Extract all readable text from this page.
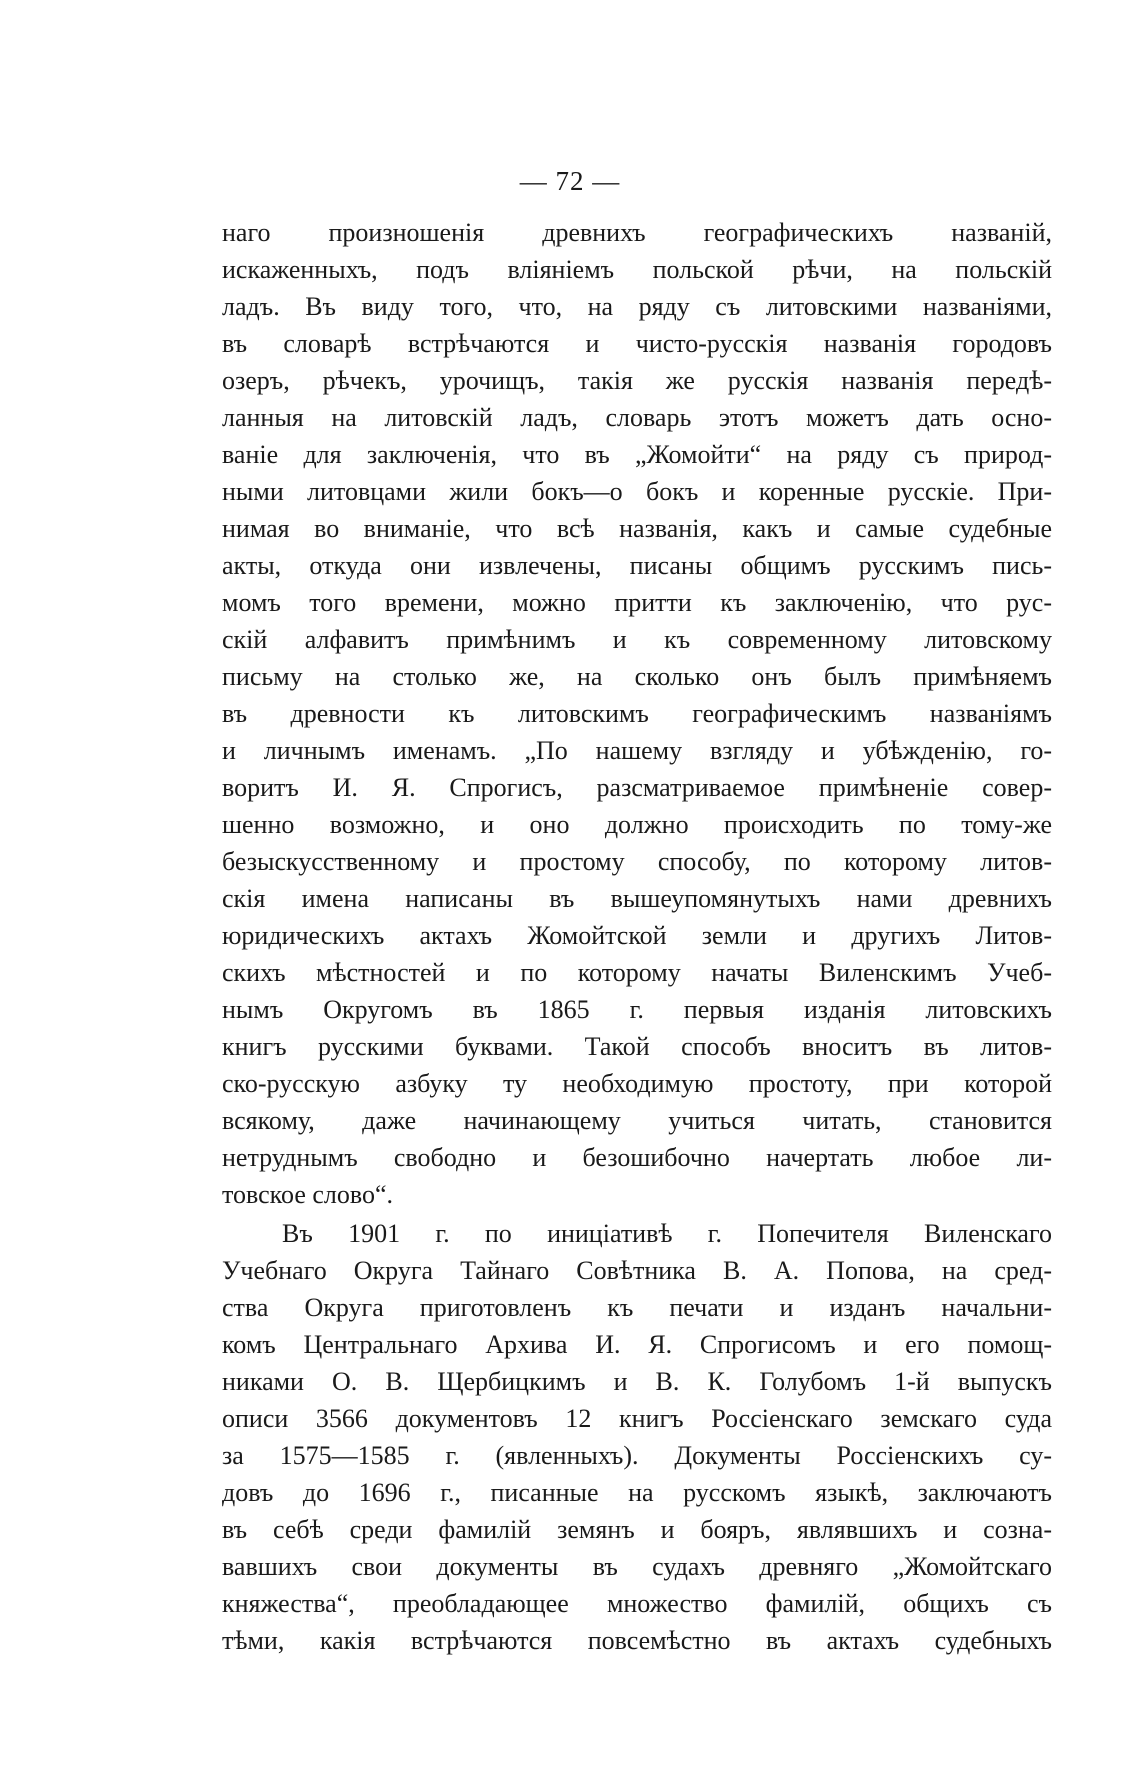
— 72 —
наго произношенія древнихъ географическихъ названій,
искаженныхъ, подъ вліяніемъ польской рѣчи, на польскій
ладъ. Въ виду того, что, на ряду съ литовскими названіями,
въ словарѣ встрѣчаются и чисто-русскія названія городовъ
озеръ, рѣчекъ, урочищъ, такія же русскія названія передѣ-
ланныя на литовскій ладъ, словарь этотъ можетъ дать осно-
ваніе для заключенія, что въ „Жомойти“ на ряду съ природ-
ными литовцами жили бокъ—о бокъ и коренные русскіе. При-
нимая во вниманіе, что всѣ названія, какъ и самые судебные
акты, откуда они извлечены, писаны общимъ русскимъ пись-
момъ того времени, можно притти къ заключенію, что рус-
скій алфавитъ примѣнимъ и къ современному литовскому
письму на столько же, на сколько онъ былъ примѣняемъ
въ древности къ литовскимъ географическимъ названіямъ
и личнымъ именамъ. „По нашему взгляду и убѣжденію, го-
воритъ И. Я. Спрогисъ, разсматриваемое примѣненіе совер-
шенно возможно, и оно должно происходить по тому-же
безыскусственному и простому способу, по которому литов-
скія имена написаны въ вышеупомянутыхъ нами древнихъ
юридическихъ актахъ Жомойтской земли и другихъ Литов-
скихъ мѣстностей и по которому начаты Виленскимъ Учеб-
нымъ Округомъ въ 1865 г. первыя изданія литовскихъ
книгъ русскими буквами. Такой способъ вноситъ въ литов-
ско-русскую азбуку ту необходимую простоту, при которой
всякому, даже начинающему учиться читать, становится
нетруднымъ свободно и безошибочно начертать любое ли-
товское слово“.
Въ 1901 г. по иниціативѣ г. Попечителя Виленскаго
Учебнаго Округа Тайнаго Совѣтника В. А. Попова, на сред-
ства Округа приготовленъ къ печати и изданъ начальни-
комъ Центральнаго Архива И. Я. Спрогисомъ и его помощ-
никами О. В. Щербицкимъ и В. К. Голубомъ 1-й выпускъ
описи 3566 документовъ 12 книгъ Россіенскаго земскаго суда
за 1575—1585 г. (явленныхъ). Документы Россіенскихъ су-
довъ до 1696 г., писанные на русскомъ языкѣ, заключаютъ
въ себѣ среди фамилій земянъ и бояръ, являвшихъ и созна-
вавшихъ свои документы въ судахъ древняго „Жомойтскаго
княжества“, преобладающее множество фамилій, общихъ съ
тѣми, какія встрѣчаются повсемѣстно въ актахъ судебныхъ
